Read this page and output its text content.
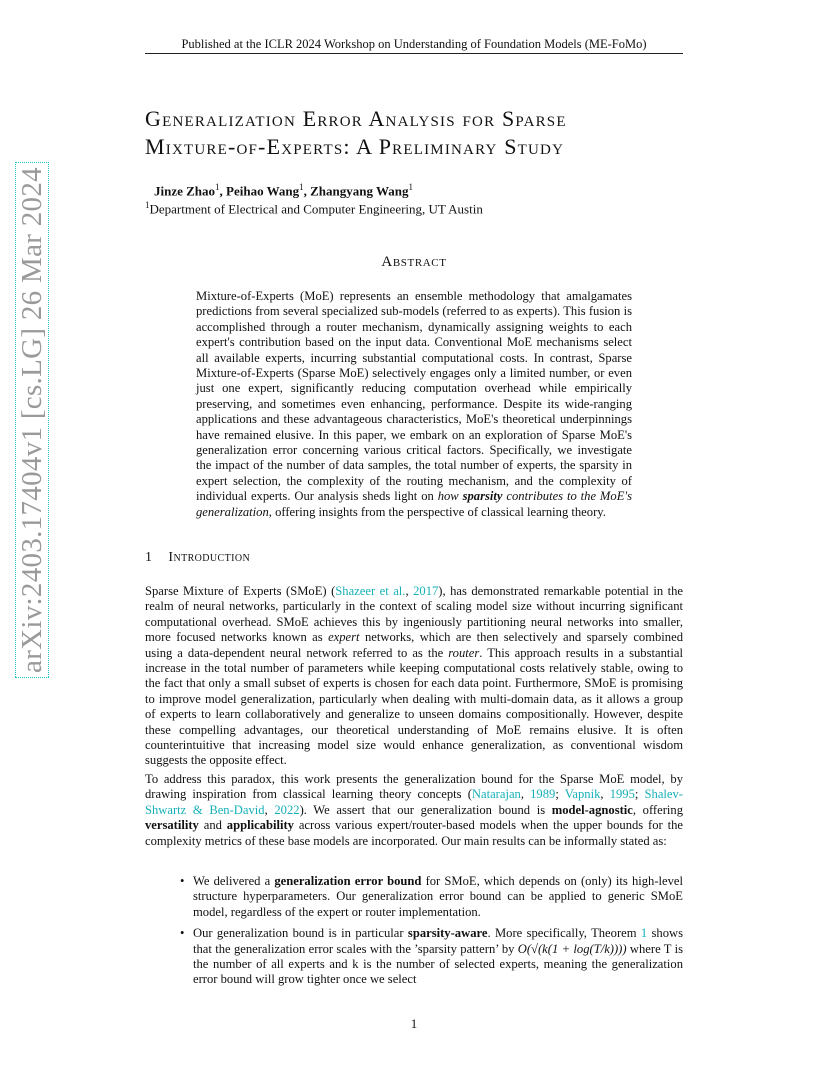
Published at the ICLR 2024 Workshop on Understanding of Foundation Models (ME-FoMo)
arXiv:2403.17404v1 [cs.LG] 26 Mar 2024
Generalization Error Analysis for Sparse
Mixture-of-Experts: A Preliminary Study
Jinze Zhao$^1$, Peihao Wang$^1$, Zhangyang Wang$^1$
$^1$Department of Electrical and Computer Engineering, UT Austin
Abstract
Mixture-of-Experts (MoE) represents an ensemble methodology that amalgamates predictions from several specialized sub-models (referred to as experts). This fusion is accomplished through a router mechanism, dynamically assigning weights to each expert's contribution based on the input data. Conventional MoE mechanisms select all available experts, incurring substantial computational costs. In contrast, Sparse Mixture-of-Experts (Sparse MoE) selectively engages only a limited number, or even just one expert, significantly reducing computation overhead while empirically preserving, and sometimes even enhancing, performance. Despite its wide-ranging applications and these advantageous characteristics, MoE's theoretical underpinnings have remained elusive. In this paper, we embark on an exploration of Sparse MoE's generalization error concerning various critical factors. Specifically, we investigate the impact of the number of data samples, the total number of experts, the sparsity in expert selection, the complexity of the routing mechanism, and the complexity of individual experts. Our analysis sheds light on how sparsity contributes to the MoE's generalization, offering insights from the perspective of classical learning theory.
1 Introduction
Sparse Mixture of Experts (SMoE) (Shazeer et al., 2017), has demonstrated remarkable potential in the realm of neural networks, particularly in the context of scaling model size without incurring significant computational overhead. SMoE achieves this by ingeniously partitioning neural networks into smaller, more focused networks known as expert networks, which are then selectively and sparsely combined using a data-dependent neural network referred to as the router. This approach results in a substantial increase in the total number of parameters while keeping computational costs relatively stable, owing to the fact that only a small subset of experts is chosen for each data point. Furthermore, SMoE is promising to improve model generalization, particularly when dealing with multi-domain data, as it allows a group of experts to learn collaboratively and generalize to unseen domains compositionally. However, despite these compelling advantages, our theoretical understanding of MoE remains elusive. It is often counterintuitive that increasing model size would enhance generalization, as conventional wisdom suggests the opposite effect.
To address this paradox, this work presents the generalization bound for the Sparse MoE model, by drawing inspiration from classical learning theory concepts (Natarajan, 1989; Vapnik, 1995; Shalev-Shwartz & Ben-David, 2022). We assert that our generalization bound is model-agnostic, offering versatility and applicability across various expert/router-based models when the upper bounds for the complexity metrics of these base models are incorporated. Our main results can be informally stated as:
• We delivered a generalization error bound for SMoE, which depends on (only) its high-level structure hyperparameters. Our generalization error bound can be applied to generic SMoE model, regardless of the expert or router implementation.
• Our generalization bound is in particular sparsity-aware. More specifically, Theorem 1 shows that the generalization error scales with the ’sparsity pattern’ by O(√(k(1 + log(T/k)))) where T is the number of all experts and k is the number of selected experts, meaning the generalization error bound will grow tighter once we select
1
